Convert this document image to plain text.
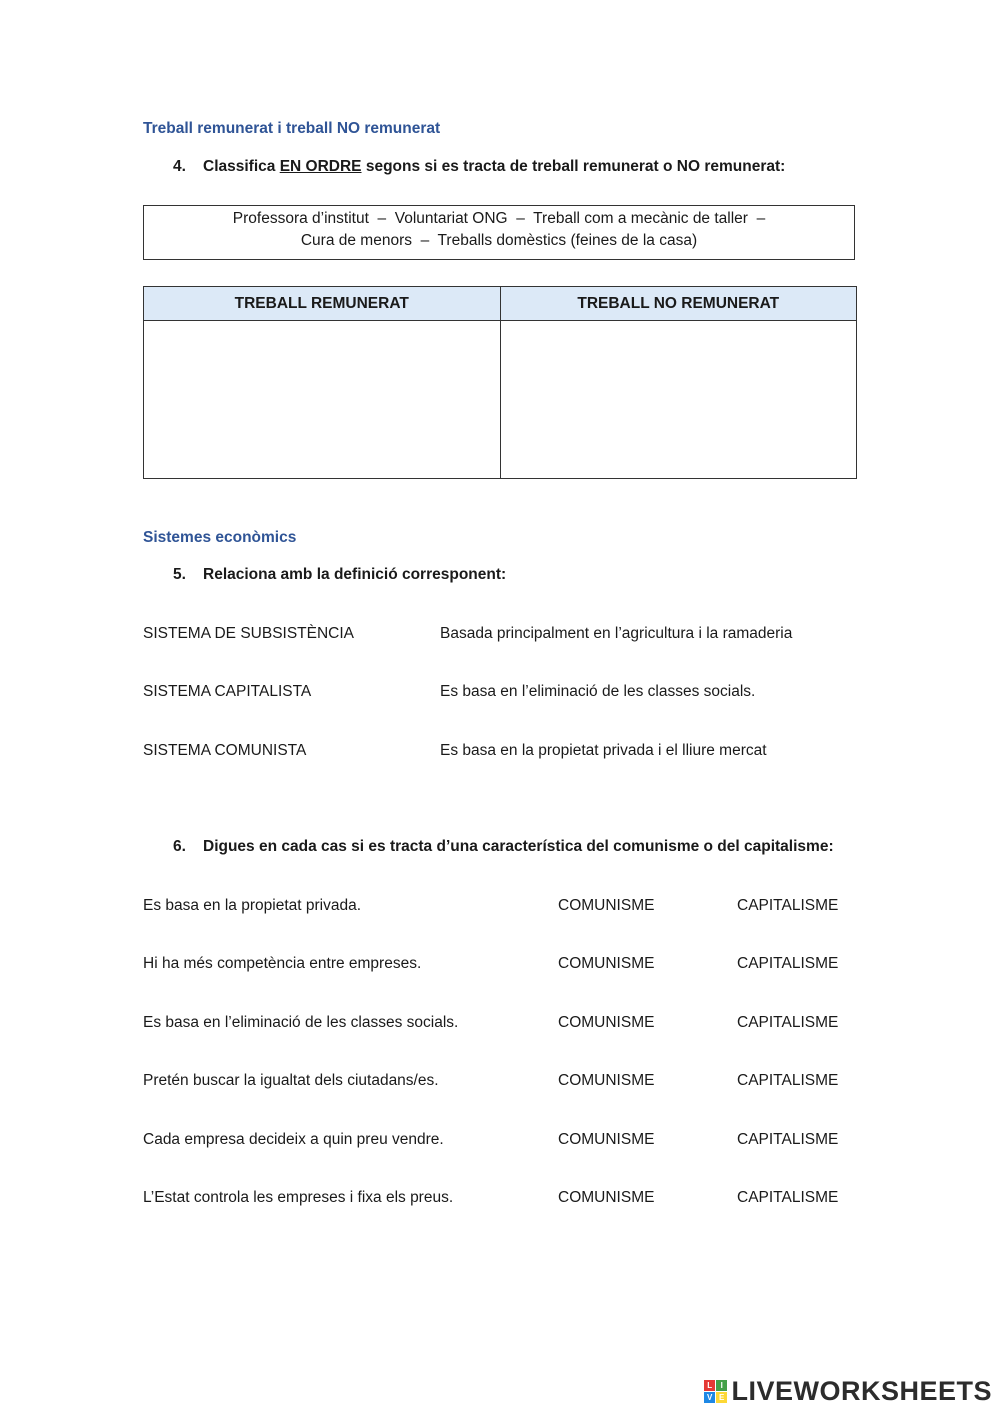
Treball remunerat i treball NO remunerat
4. Classifica EN ORDRE segons si es tracta de treball remunerat o NO remunerat:
Professora d’institut  –  Voluntariat ONG  –  Treball com a mecànic de taller  –
Cura de menors  –  Treballs domèstics (feines de la casa)
TREBALL REMUNERAT	TREBALL NO REMUNERAT

Sistemes econòmics
5. Relaciona amb la definició corresponent:
SISTEMA DE SUBSISTÈNCIA	Basada principalment en l’agricultura i la ramaderia
SISTEMA CAPITALISTA	Es basa en l’eliminació de les classes socials.
SISTEMA COMUNISTA	Es basa en la propietat privada i el lliure mercat
6. Digues en cada cas si es tracta d’una característica del comunisme o del capitalisme:
Es basa en la propietat privada.	COMUNISME	CAPITALISME
Hi ha més competència entre empreses.	COMUNISME	CAPITALISME
Es basa en l’eliminació de les classes socials.	COMUNISME	CAPITALISME
Pretén buscar la igualtat dels ciutadans/es.	COMUNISME	CAPITALISME
Cada empresa decideix a quin preu vendre.	COMUNISME	CAPITALISME
L’Estat controla les empreses i fixa els preus.	COMUNISME	CAPITALISME
L I
V E LIVEWORKSHEETS
